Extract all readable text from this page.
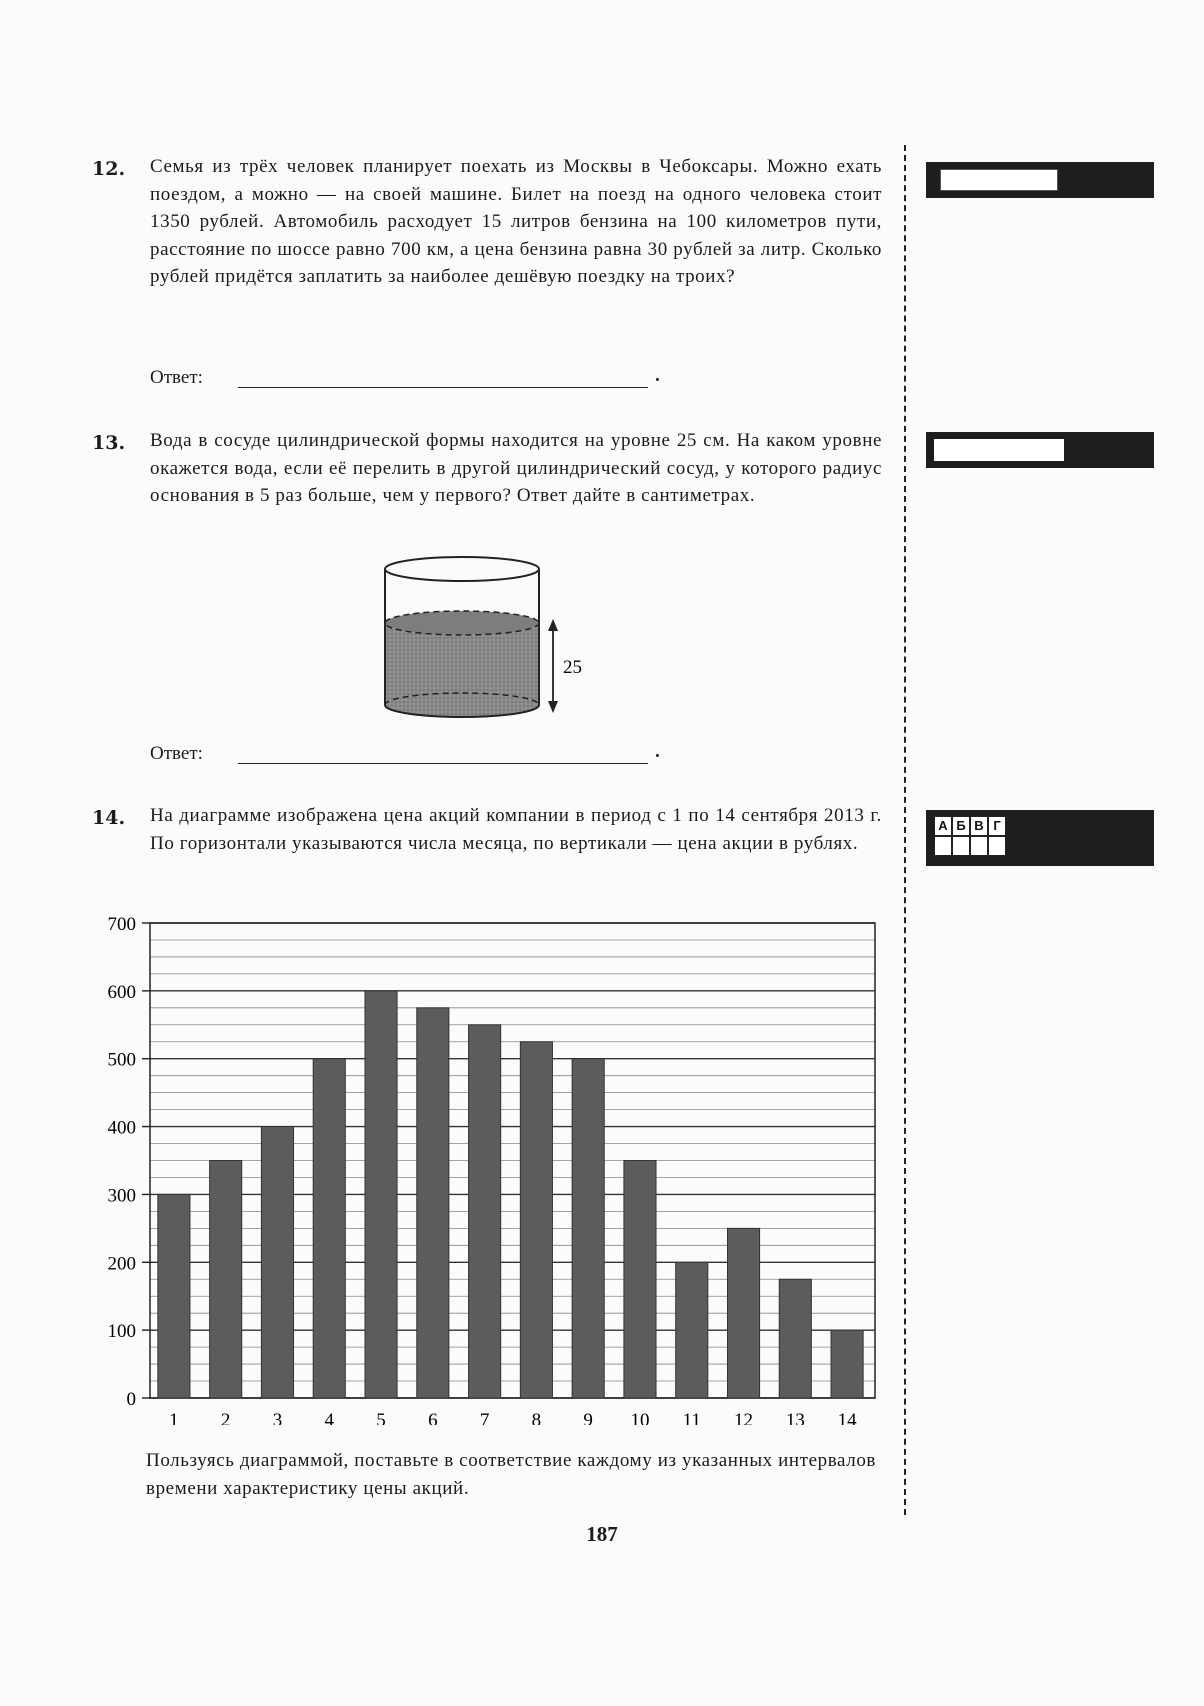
12. Семья из трёх человек планирует поехать из Москвы в Чебоксары. Можно ехать поездом, а можно — на своей машине. Билет на поезд на одного человека стоит 1350 рублей. Автомобиль расходует 15 литров бензина на 100 километров пути, расстояние по шоссе равно 700 км, а цена бензина равна 30 рублей за литр. Сколько рублей придётся заплатить за наиболее дешёвую поездку на троих?

Ответ:	.
13. Вода в сосуде цилиндрической формы находится на уровне 25 см. На каком уровне окажется вода, если её перелить в другой цилиндрический сосуд, у которого радиус основания в 5 раз больше, чем у первого? Ответ дайте в сантиметрах.

Ответ:	.
25
14. На диаграмме изображена цена акций компании в период с 1 по 14 сентября 2013 г. По горизонтали указываются числа месяца, по вертикали — цена акции в рублях.

0
100
200
300
400
500
600
700
1 2 3 4 5 6 7 8 9 10 11 12 13 14

Пользуясь диаграммой, поставьте в соответствие каждому из указанных интервалов времени характеристику цены акций.

187
А Б В Г
